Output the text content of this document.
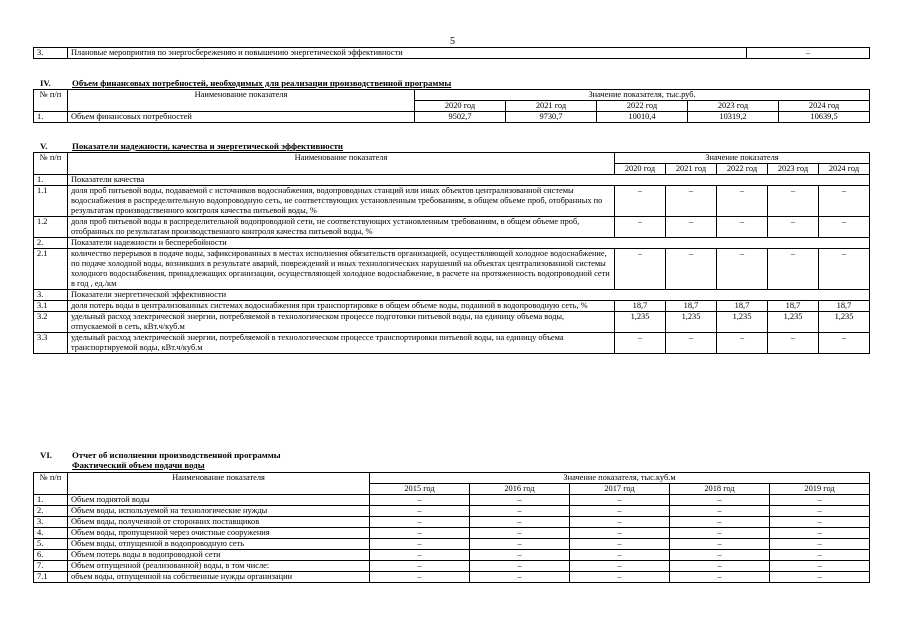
5
3.	Плановые мероприятия по энергосбережению и повышению энергетической эффективности	–
IV. Объем финансовых потребностей, необходимых для реализации производственной программы
№ п/п	Наименование показателя	Значение показателя, тыс.руб.				
		2020 год	2021 год	2022 год	2023 год	2024 год
1.	Объем финансовых потребностей	9502,7	9730,7	10010,4	10319,2	10639,5
V.	Показатели надежности, качества и энергетической эффективности
№ п/п	Наименование показателя	Значение показателя				
		2020 год	2021 год	2022 год	2023 год	2024 год
1.	Показатели качества					
1.1	доля проб питьевой воды, подаваемой с источников водоснабжения, водопроводных станций или иных объектов централизованной системы водоснабжения в распределительную водопроводную сеть, не соответствующих установленным требованиям, в общем объеме проб, отобранных по результатам производственного контроля качества питьевой воды, %	–	–	–	–	–
1.2	доля проб питьевой воды в распределительной водопроводной сети, не соответствующих установленным требованиям, в общем объеме проб, отобранных по результатам производственного контроля качества питьевой воды, %	–	–	–	–	–
2.	Показатели надежности и бесперебойности					
2.1	количество перерывов в подаче воды, зафиксированных в местах исполнения обязательств организацией, осуществляющей холодное водоснабжение, по подаче холодной воды, возникших в результате аварий, повреждений и иных технологических нарушений на объектах централизованной системы холодного водоснабжения, принадлежащих организации, осуществляющей холодное водоснабжение, в расчете на протяженность водопроводной сети в год , ед./км	–	–	–	–	–
3.	Показатели энергетической эффективности					
3.1	доля потерь воды в централизованных системах водоснабжения при транспортировке в общем объеме воды, поданной в водопроводную сеть, %	18,7	18,7	18,7	18,7	18,7
3.2	удельный расход электрической энергии, потребляемой в технологическом процессе подготовки питьевой воды, на единицу объема воды, отпускаемой в сеть, кВт.ч/куб.м	1,235	1,235	1,235	1,235	1,235
3.3	удельный расход электрической энергии, потребляемой в технологическом процессе транспортировки питьевой воды, на единицу объема транспортируемой воды, кВт.ч/куб.м	–	–	–	–	–
VI. Отчет об исполнении производственной программы
Фактический объем подачи воды
№ п/п	Наименование показателя	Значение показателя, тыс.куб.м				
		2015 год	2016 год	2017 год	2018 год	2019 год
1.	Объем поднятой воды	–	–	–	–	–
2.	Объем воды, используемой на технологические нужды	–	–	–	–	–
3.	Объем воды, полученной от сторонних поставщиков	–	–	–	–	–
4.	Объем воды, пропущенной через очистные сооружения	–	–	–	–	–
5.	Объем воды, отпущенной в водопроводную сеть	–	–	–	–	–
6.	Объем потерь воды в водопроводной сети	–	–	–	–	–
7.	Объем отпущенной (реализованной) воды, в том числе:	–	–	–	–	–
7.1	объем воды, отпущенной на собственные нужды организации	–	–	–	–	–
